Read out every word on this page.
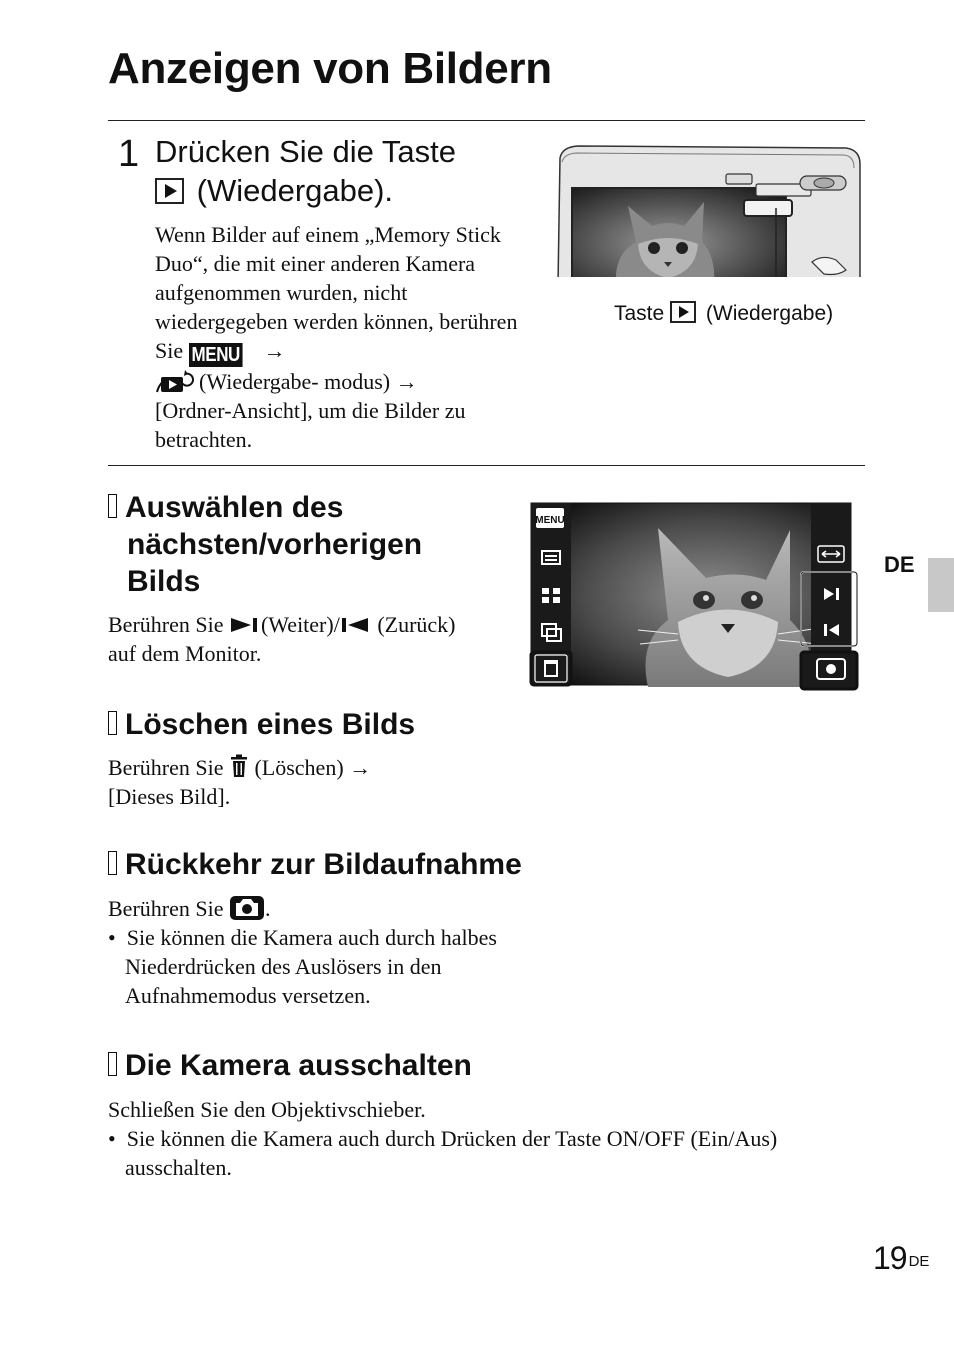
Anzeigen von Bildern
1 Drücken Sie die Taste
(Wiedergabe).
Wenn Bilder auf einem „Memory Stick Duo“, die mit einer anderen Kamera aufgenommen wurden, nicht wiedergegeben werden können, berühren Sie MENU →
(Wiedergabe- modus) →
[Ordner-Ansicht], um die Bilder zu betrachten.
Taste (Wiedergabe)
Auswählen des
nächsten/vorherigen
Bilds
Berühren Sie (Weiter)/ (Zurück)
auf dem Monitor.
MENU
DE
Löschen eines Bilds
Berühren Sie (Löschen) →
[Dieses Bild].
Rückkehr zur Bildaufnahme
Berühren Sie .
•  Sie können die Kamera auch durch halbes Niederdrücken des Auslösers in den Aufnahmemodus versetzen.
Die Kamera ausschalten
Schließen Sie den Objektivschieber.
•  Sie können die Kamera auch durch Drücken der Taste ON/OFF (Ein/Aus) ausschalten.
19 $^{DE}$
